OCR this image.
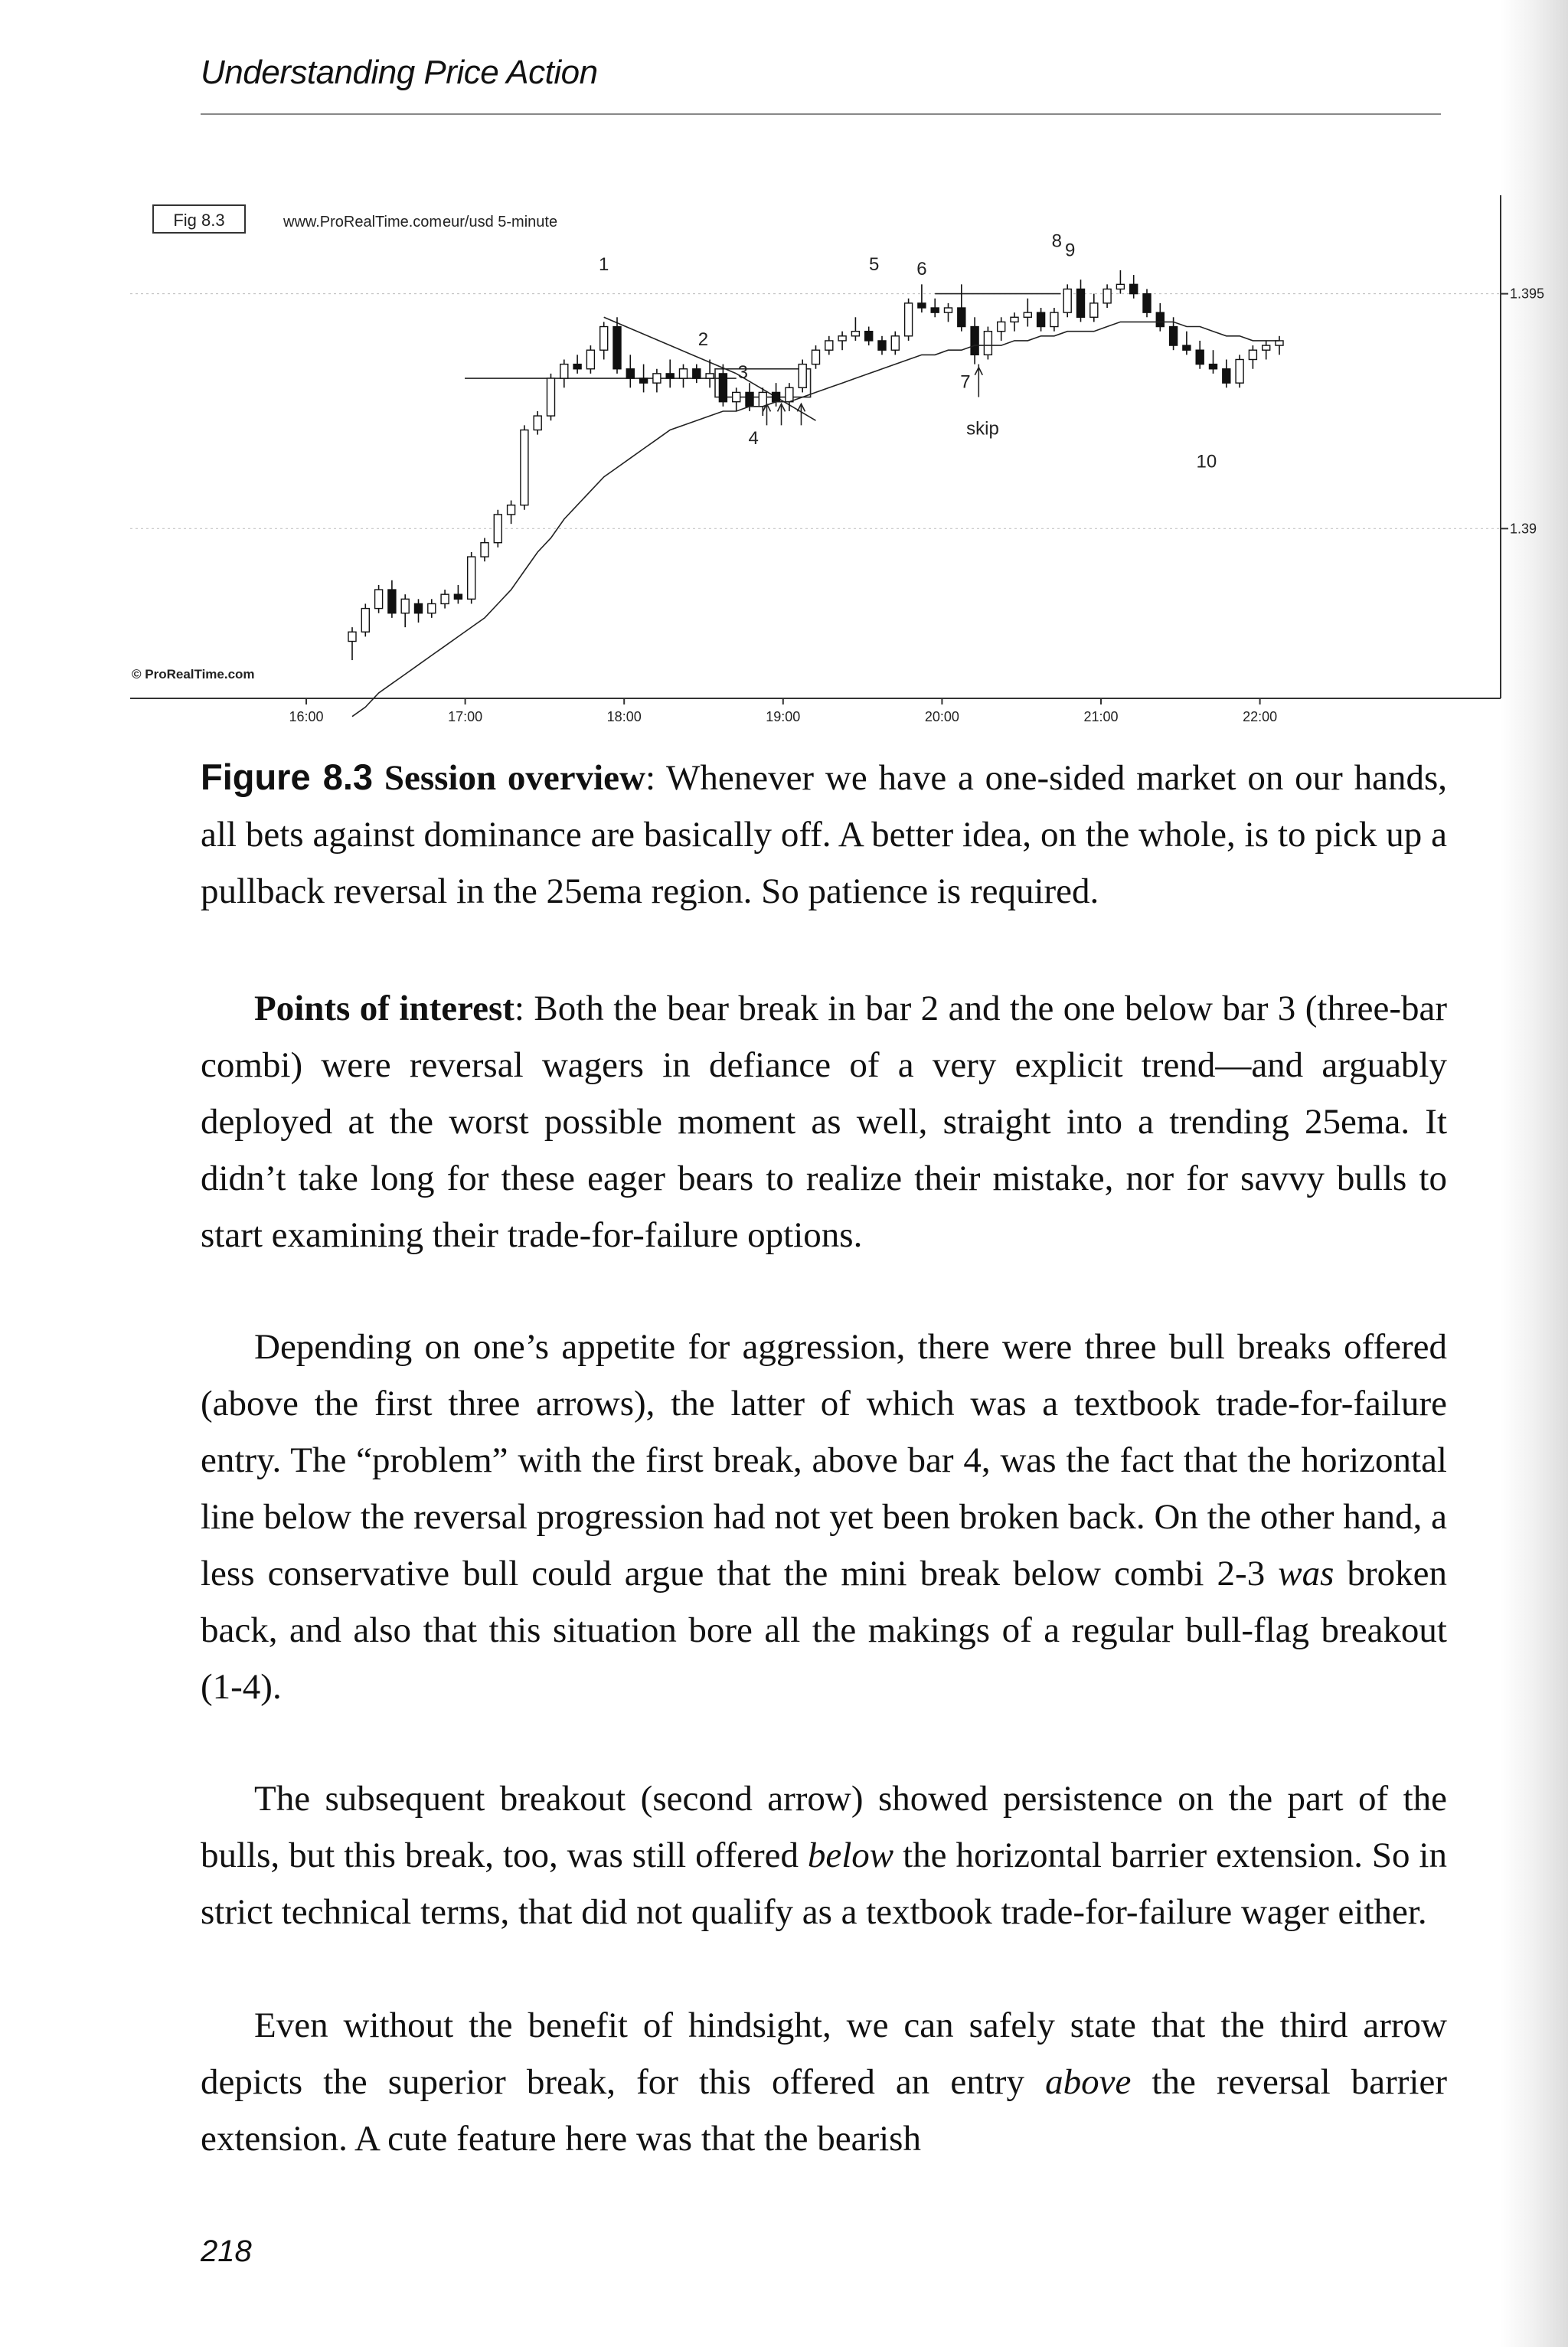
Understanding Price Action
Fig 8.3	www.ProRealTime.com eur/usd 5-minute
© ProRealTime.com
1.395
1.39
16:00	17:00	18:00	19:00	20:00	21:00	22:00
1
2
3
4
5 6
7
skip
8 9
10

Figure 8.3 Session overview: Whenever we have a one-sided market on our hands, all bets against dominance are basically off. A better idea, on the whole, is to pick up a pullback reversal in the 25ema region. So patience is required.

Points of interest: Both the bear break in bar 2 and the one below bar 3 (three-bar combi) were reversal wagers in defiance of a very explicit trend—and arguably deployed at the worst possible moment as well, straight into a trending 25ema. It didn’t take long for these eager bears to realize their mistake, nor for savvy bulls to start examining their trade-for-failure options.

Depending on one’s appetite for aggression, there were three bull breaks offered (above the first three arrows), the latter of which was a textbook trade-for-failure entry. The “problem” with the first break, above bar 4, was the fact that the horizontal line below the reversal progression had not yet been broken back. On the other hand, a less conservative bull could argue that the mini break below combi 2-3 was broken back, and also that this situation bore all the makings of a regular bull-flag breakout (1-4).

The subsequent breakout (second arrow) showed persistence on the part of the bulls, but this break, too, was still offered below the horizontal barrier extension. So in strict technical terms, that did not qualify as a textbook trade-for-failure wager either.

Even without the benefit of hindsight, we can safely state that the third arrow depicts the superior break, for this offered an entry above the reversal barrier extension. A cute feature here was that the bearish

218
